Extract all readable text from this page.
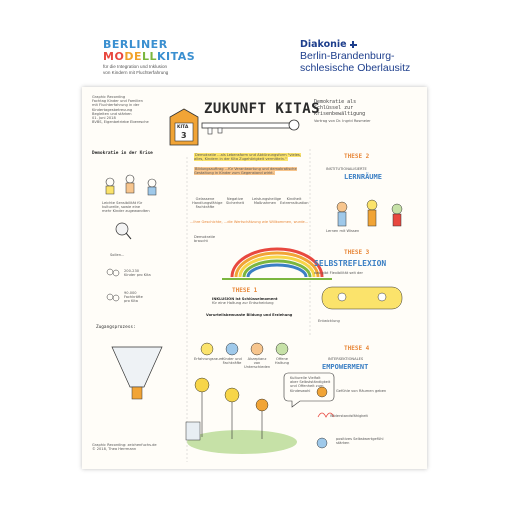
BERLINER
MODELLKITAS
für die Integration und Inklusion
von Kindern mit Fluchterfahrung
Diakonie
Berlin-Brandenburg-
schlesische Oberlausitz
Graphic Recording
Fachtag Kinder und Familien
mit Fluchterfahrung in der
Kindertagesbetreuung
Begleiten und stärken
01. Juni 2018
BVBS, Eigenbetriebe Eberesche
KITA
3
ZUKUNFT KITAS
Demokratie als
Schlüssel zur
Krisenbewältigung
Vortrag von Dr. Ingrid Rosmeier
Demokratie in der Krise
Leichte Sensibilität für
kulturelle, sowie eine
mehr Kinder zugewandten
Sollen...
200-230
Kinder pro Kita
90.000
Fachkräfte
pro Kita
Zugangsprozess:
Demokratie ...als Lebensform und Abkürzungsform "vieles, alles, Kindern in der Kita Zugehörigkeit vermitteln."
Bildungsauftrag ...für Verantwortung und demokratische Gestaltung in Kinder zum Gegenstand wirkt.
Gelassene Handlungsfähige Fachkräfte
Negative Sicherheit
Leistungsheilige Maßnahmen
Kindheit Extremsituation
...Ihre Geschichte, ...die Wertschätzung wie Willkommen, wurde...
Demokratie
braucht
THESE 1
INKLUSION ist Schlüsselmoment
für eine Haltung zur Entscheidung
Vorurteilsbewusste Bildung und Erziehung
Erfahrungsraum Kinder und Fachkräfte
Akzeptanz von Unterschieden
Offene Haltung
Kulturelle Vielfalt
aber Selbstständigkeit
und Offenheit zum
Kindeswohl
THESE 2
INSTITUTIONALISIERTE
LERNRÄUME
Lernen mit Wissen
THESE 3
SELBSTREFLEXION
das gibt Flexibilität seit der
Entwicklung
THESE 4
INTERSEKTIONALES
EMPOWERMENT
Gefühle von Räumen geben
Widerstandsfähigkeit
positives Selbstwertgefühl stärken
Graphic Recording: zeichenfuchs.de
© 2018, Thea Herrmann
